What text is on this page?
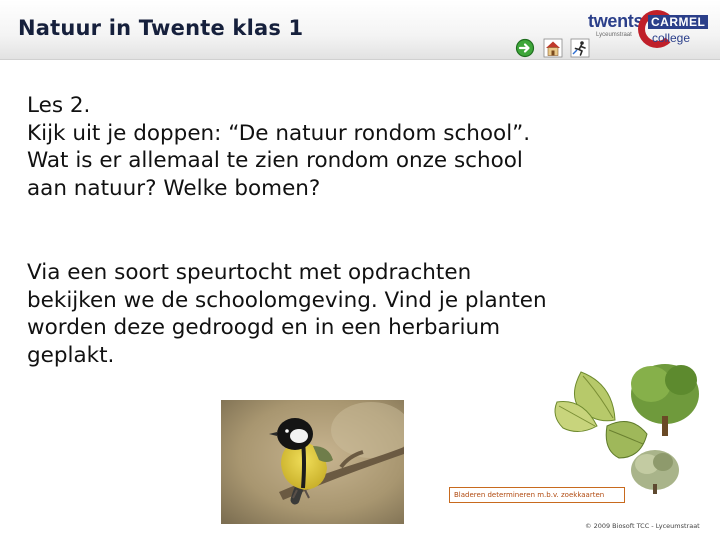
Natuur in Twente klas 1	twents
Lyceumstraat
CARMEL
college
Les 2.
Kijk uit je doppen: “De natuur rondom school”.
Wat is er allemaal te zien rondom onze school
aan natuur? Welke bomen?
Via een soort speurtocht met opdrachten
bekijken we de schoolomgeving. Vind je planten
worden deze gedroogd en in een herbarium
geplakt.
Bladeren determineren m.b.v. zoekkaarten
© 2009 Biosoft TCC - Lyceumstraat
